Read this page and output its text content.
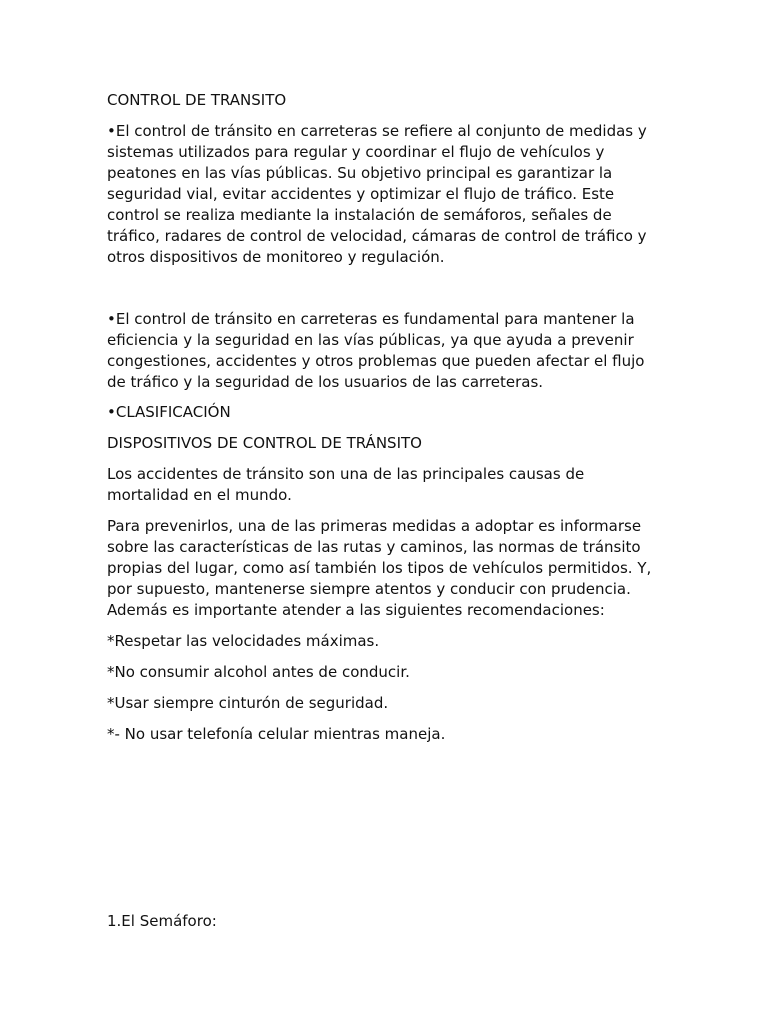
CONTROL DE TRANSITO

•El control de tránsito en carreteras se refiere al conjunto de medidas y sistemas utilizados para regular y coordinar el flujo de vehículos y peatones en las vías públicas. Su objetivo principal es garantizar la seguridad vial, evitar accidentes y optimizar el flujo de tráfico. Este control se realiza mediante la instalación de semáforos, señales de tráfico, radares de control de velocidad, cámaras de control de tráfico y otros dispositivos de monitoreo y regulación.

•El control de tránsito en carreteras es fundamental para mantener la eficiencia y la seguridad en las vías públicas, ya que ayuda a prevenir congestiones, accidentes y otros problemas que pueden afectar el flujo de tráfico y la seguridad de los usuarios de las carreteras.

•CLASIFICACIÓN

DISPOSITIVOS DE CONTROL DE TRÁNSITO

Los accidentes de tránsito son una de las principales causas de mortalidad en el mundo.

Para prevenirlos, una de las primeras medidas a adoptar es informarse sobre las características de las rutas y caminos, las normas de tránsito propias del lugar, como así también los tipos de vehículos permitidos. Y, por supuesto, mantenerse siempre atentos y conducir con prudencia. Además es importante atender a las siguientes recomendaciones:

*Respetar las velocidades máximas.

*No consumir alcohol antes de conducir.

*Usar siempre cinturón de seguridad.

*- No usar telefonía celular mientras maneja.

1.El Semáforo:
